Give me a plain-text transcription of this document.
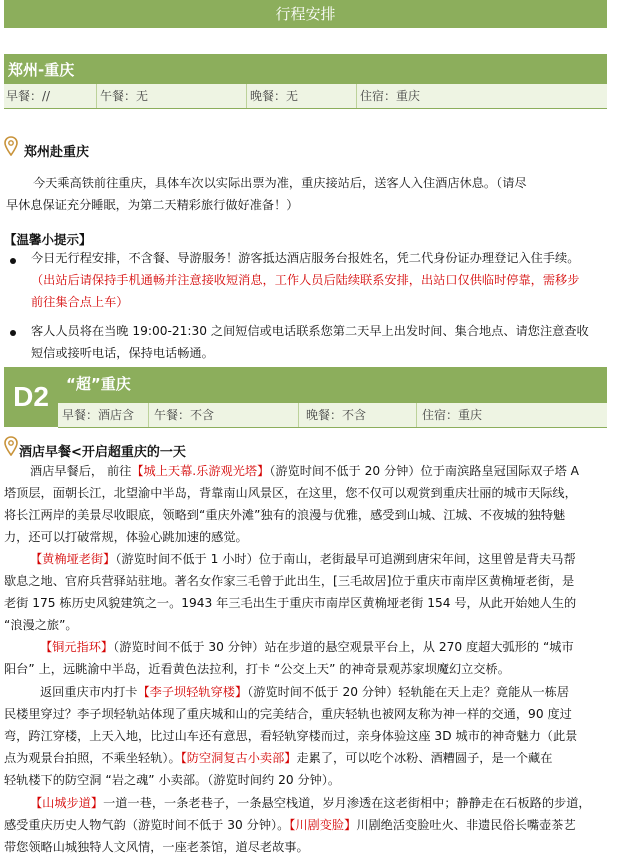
行程安排
郑州-重庆
早餐：//	午餐：无	晚餐：无	住宿：重庆
郑州赴重庆
今天乘高铁前往重庆，具体车次以实际出票为准，重庆接站后，送客人入住酒店休息。（请尽
早休息保证充分睡眠，为第二天精彩旅行做好准备！）
【温馨小提示】
今日无行程安排，不含餐、导游服务！游客抵达酒店服务台报姓名，凭二代身份证办理登记入住手续。
（出站后请保持手机通畅并注意接收短消息，工作人员后陆续联系安排，出站口仅供临时停靠，需移步
前往集合点上车）
客人人员将在当晚 19:00-21:30 之间短信或电话联系您第二天早上出发时间、集合地点、请您注意查收
短信或接听电话，保持电话畅通。
D2	“超”重庆
早餐：酒店含 午餐：不含	晚餐：不含	住宿：重庆
酒店早餐<开启超重庆的一天
酒店早餐后， 前往【城上天幕.乐游观光塔】（游览时间不低于 20 分钟）位于南滨路皇冠国际双子塔 A
塔顶层，面朝长江，北望渝中半岛，背靠南山风景区，在这里，您不仅可以观赏到重庆壮丽的城市天际线，
将长江两岸的美景尽收眼底，领略到“重庆外滩”独有的浪漫与优雅，感受到山城、江城、不夜城的独特魅
力，还可以打破常规，体验心跳加速的感觉。
【黄桷垭老街】（游览时间不低于 1 小时）位于南山，老街最早可追溯到唐宋年间，这里曾是背夫马帮
歇息之地、官府兵营驿站驻地。著名女作家三毛曾于此出生，[三毛故居]位于重庆市南岸区黄桷垭老街，是
老街 175 栋历史风貌建筑之一。1943 年三毛出生于重庆市南岸区黄桷垭老街 154 号，从此开始她人生的
“浪漫之旅”。
【铜元指环】（游览时间不低于 30 分钟）站在步道的悬空观景平台上，从 270 度超大弧形的 “城市
阳台” 上，远眺渝中半岛，近看黄色法拉利，打卡 “公交上天” 的神奇景观苏家坝魔幻立交桥。
返回重庆市内打卡【李子坝轻轨穿楼】（游览时间不低于 20 分钟）轻轨能在天上走？竟能从一栋居
民楼里穿过？李子坝轻轨站体现了重庆城和山的完美结合，重庆轻轨也被网友称为神一样的交通，90 度过
弯，跨江穿楼，上天入地，比过山车还有意思，看轻轨穿楼而过，亲身体验这座 3D 城市的神奇魅力（此景
点为观景台拍照，不乘坐轻轨）。【防空洞复古小卖部】走累了，可以吃个冰粉、酒糟圆子，是一个藏在
轻轨楼下的防空洞 “岩之魂” 小卖部。（游览时间约 20 分钟）。
【山城步道】一道一巷，一条老巷子，一条悬空栈道，岁月渗透在这老街相中；静静走在石板路的步道，
感受重庆历史人物气韵（游览时间不低于 30 分钟）。【川剧变脸】川剧绝活变脸吐火、非遗民俗长嘴壶茶艺
带您领略山城独特人文风情，一座老茶馆，道尽老故事。
